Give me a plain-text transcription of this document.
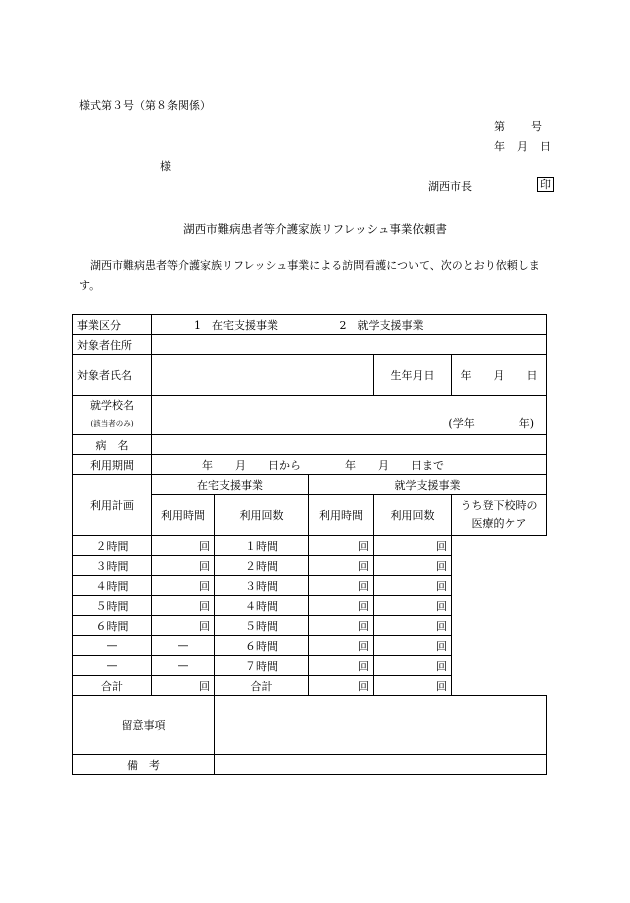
様式第３号（第８条関係）
第 号
年 月 日
様
湖西市長	印
湖西市難病患者等介護家族リフレッシュ事業依頼書
湖西市難病患者等介護家族リフレッシュ事業による訪問看護について、次のとおり依頼します。
事業区分	1　在宅支援事業 2　就学支援事業				
対象者住所					
対象者氏名				生年月日	年　　月　　日

就学校名
(該当者のみ)	(学年　　　　年)				
病　名					
利用期間	年　　月　　日から　　　　年　　月　　日まで				
利用計画	在宅支援事業		就学支援事業		
	利用時間	利用回数	利用時間	利用回数	うち登下校時の医療的ケア
２時間	回	１時間	回	回	
３時間	回	２時間	回	回	
４時間	回	３時間	回	回	
５時間	回	４時間	回	回	
６時間	回	５時間	回	回	
—	—	６時間	回	回	
—	—	７時間	回	回	
合計	回	合計	回	回	
留意事項					
備　考					
